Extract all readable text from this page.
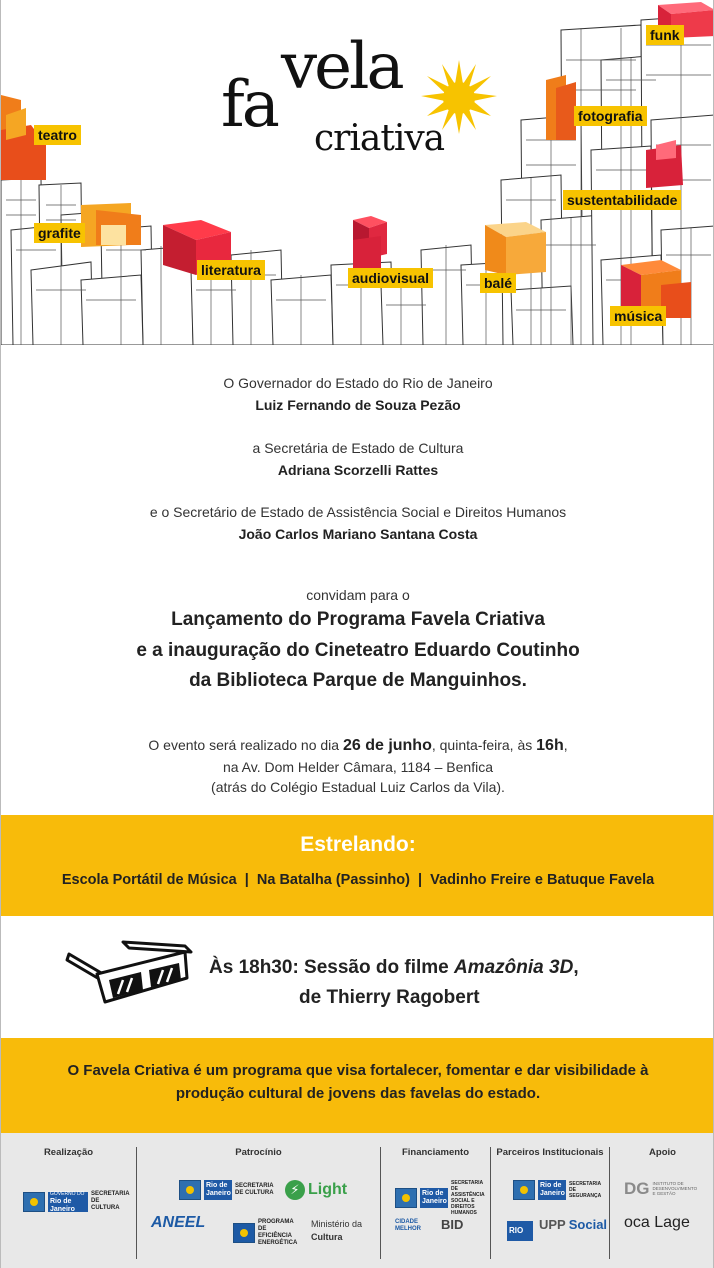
vela
fa criativa
funk
teatro
fotografia
sustentabilidade
grafite
literatura	audiovisual	balé
música
O Governador do Estado do Rio de Janeiro
Luiz Fernando de Souza Pezão
a Secretária de Estado de Cultura
Adriana Scorzelli Rattes
e o Secretário de Estado de Assistência Social e Direitos Humanos
João Carlos Mariano Santana Costa
convidam para o
Lançamento do Programa Favela Criativa
e a inauguração do Cineteatro Eduardo Coutinho
da Biblioteca Parque de Manguinhos.
O evento será realizado no dia 26 de junho, quinta-feira, às 16h,
na Av. Dom Helder Câmara, 1184 – Benfica
(atrás do Colégio Estadual Luiz Carlos da Vila).
Estrelando:
Escola Portátil de Música  |  Na Batalha (Passinho)  |  Vadinho Freire e Batuque Favela
Às 18h30: Sessão do filme Amazônia 3D,
de Thierry Ragobert
O Favela Criativa é um programa que visa fortalecer, fomentar e dar visibilidade à produção cultural de jovens das favelas do estado.
Realização
GOVERNO DO
Rio de Janeiro
SECRETARIA DE CULTURA
Patrocínio
Rio de Janeiro
SECRETARIA DE CULTURA	⚡ Light
ANEEL	PROGRAMA DE EFICIÊNCIA ENERGÉTICA
Ministério da
Cultura
Financiamento
Rio de Janeiro
SECRETARIA DE ASSISTÊNCIA SOCIAL E DIREITOS HUMANOS
CIDADE MELHOR	BID
Parceiros Institucionais
Rio de Janeiro
SECRETARIA DE SEGURANÇA
RIO	UPP Social
Apoio
DG INSTITUTO DE DESENVOLVIMENTO E GESTÃO
oca Lage
